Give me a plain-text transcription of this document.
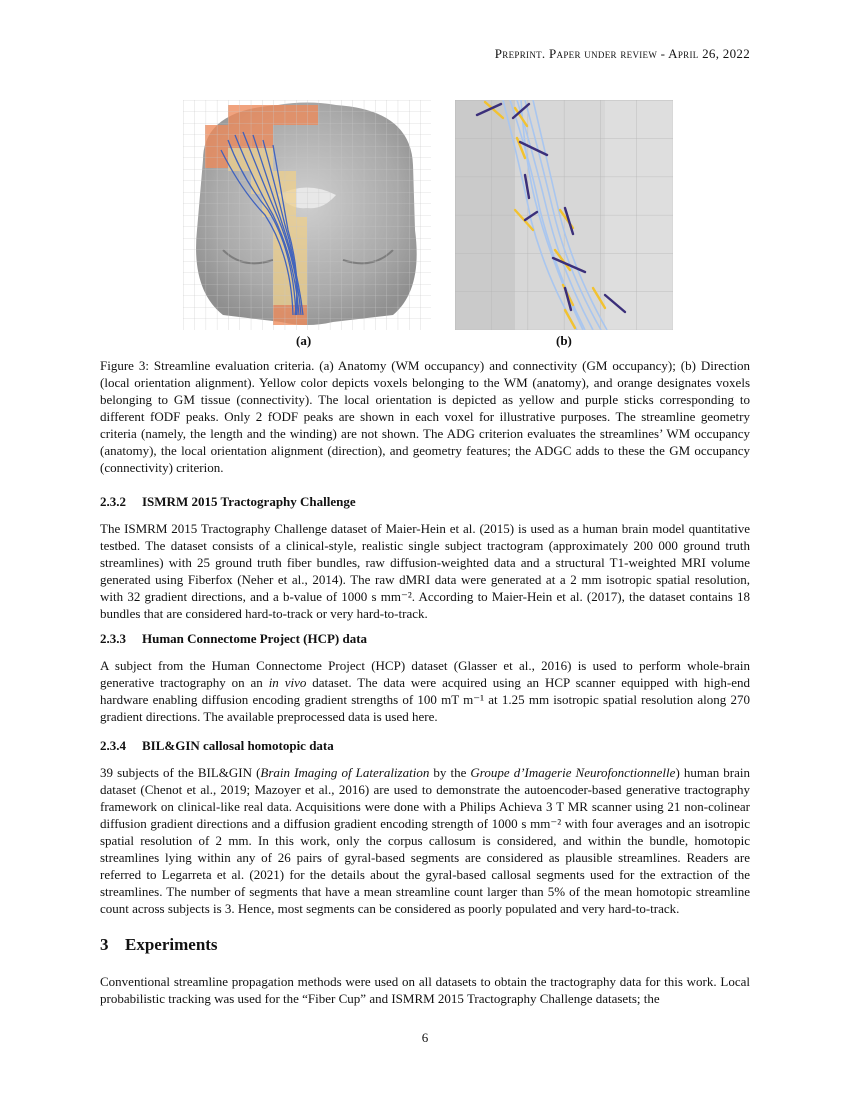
Preprint. Paper under review - April 26, 2022
(a)	(b)
Figure 3: Streamline evaluation criteria. (a) Anatomy (WM occupancy) and connectivity (GM occupancy); (b) Direction (local orientation alignment). Yellow color depicts voxels belonging to the WM (anatomy), and orange designates voxels belonging to GM tissue (connectivity). The local orientation is depicted as yellow and purple sticks corresponding to different fODF peaks. Only 2 fODF peaks are shown in each voxel for illustrative purposes. The streamline geometry criteria (namely, the length and the winding) are not shown. The ADG criterion evaluates the streamlines’ WM occupancy (anatomy), the local orientation alignment (direction), and geometry features; the ADGC adds to these the GM occupancy (connectivity) criterion.
2.3.2 ISMRM 2015 Tractography Challenge
The ISMRM 2015 Tractography Challenge dataset of Maier-Hein et al. (2015) is used as a human brain model quantitative testbed. The dataset consists of a clinical-style, realistic single subject tractogram (approximately 200 000 ground truth streamlines) with 25 ground truth fiber bundles, raw diffusion-weighted data and a structural T1-weighted MRI volume generated using Fiberfox (Neher et al., 2014). The raw dMRI data were generated at a 2 mm isotropic spatial resolution, with 32 gradient directions, and a b-value of 1000 s mm⁻². According to Maier-Hein et al. (2017), the dataset contains 18 bundles that are considered hard-to-track or very hard-to-track.
2.3.3 Human Connectome Project (HCP) data
A subject from the Human Connectome Project (HCP) dataset (Glasser et al., 2016) is used to perform whole-brain generative tractography on an in vivo dataset. The data were acquired using an HCP scanner equipped with high-end hardware enabling diffusion encoding gradient strengths of 100 mT m⁻¹ at 1.25 mm isotropic spatial resolution along 270 gradient directions. The available preprocessed data is used here.
2.3.4 BIL&GIN callosal homotopic data
39 subjects of the BIL&GIN (Brain Imaging of Lateralization by the Groupe d’Imagerie Neurofonctionnelle) human brain dataset (Chenot et al., 2019; Mazoyer et al., 2016) are used to demonstrate the autoencoder-based generative tractography framework on clinical-like real data. Acquisitions were done with a Philips Achieva 3 T MR scanner using 21 non-colinear diffusion gradient directions and a diffusion gradient encoding strength of 1000 s mm⁻² with four averages and an isotropic spatial resolution of 2 mm. In this work, only the corpus callosum is considered, and within the bundle, homotopic streamlines lying within any of 26 pairs of gyral-based segments are considered as plausible streamlines. Readers are referred to Legarreta et al. (2021) for the details about the gyral-based callosal segments used for the extraction of the streamlines. The number of segments that have a mean streamline count larger than 5% of the mean homotopic streamline count across subjects is 3. Hence, most segments can be considered as poorly populated and very hard-to-track.
3 Experiments
Conventional streamline propagation methods were used on all datasets to obtain the tractography data for this work. Local probabilistic tracking was used for the “Fiber Cup” and ISMRM 2015 Tractography Challenge datasets; the
6
